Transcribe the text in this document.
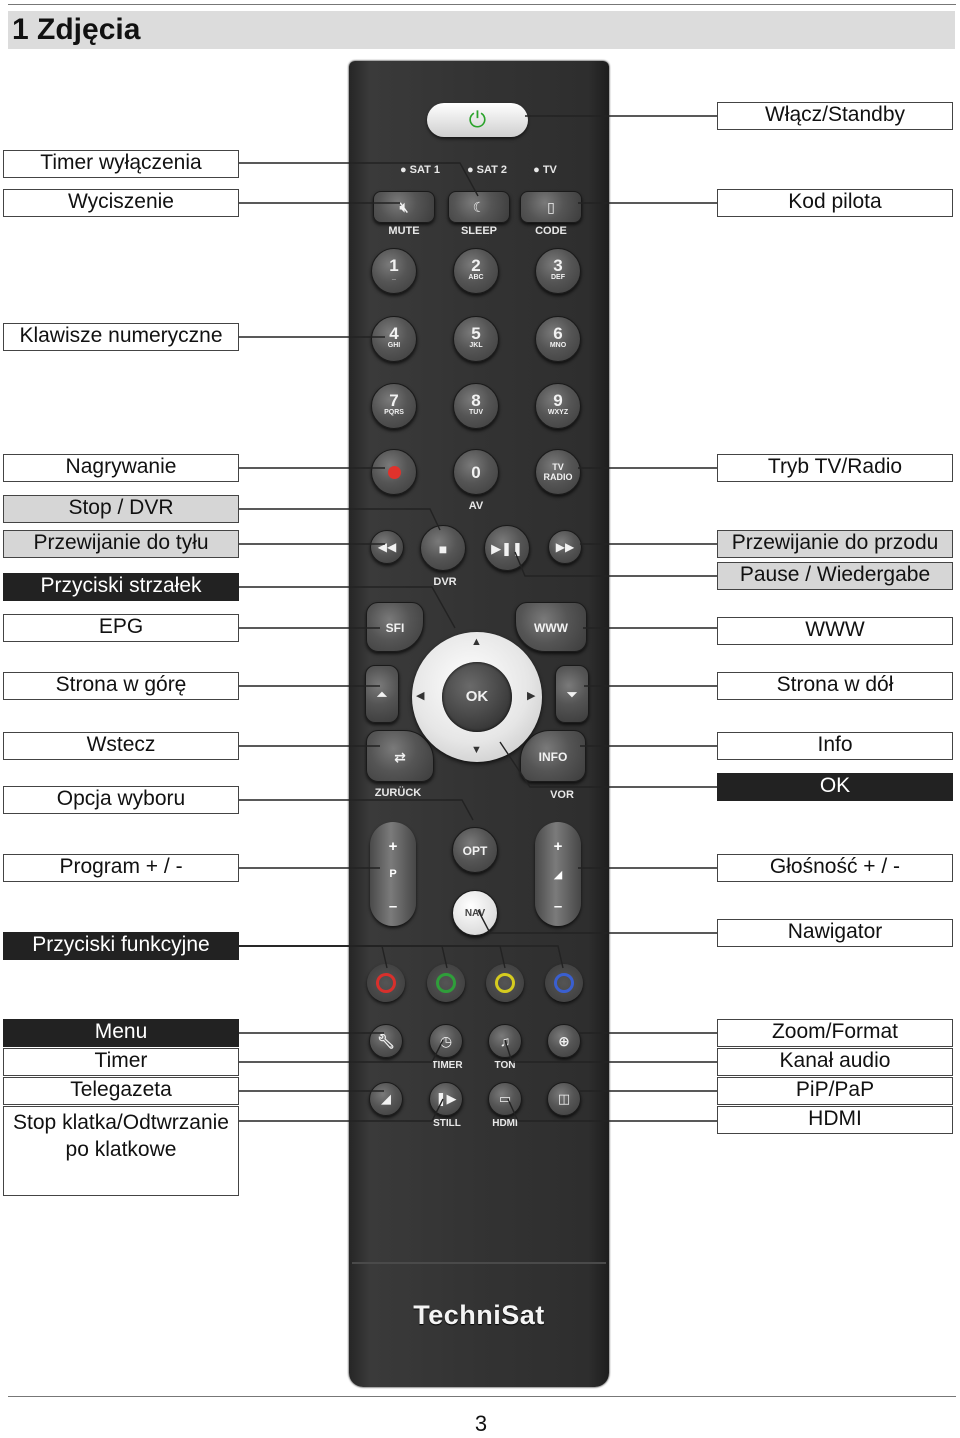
1 Zdjęcia
⏻
● SAT 1	● SAT 2	● TV
🔇︎	☾	▯
MUTE	SLEEP	CODE
1
_
2
ABC
3
DEF
4
GHI
5
JKL
6
MNO
7
PQRS
8
TUV
9
WXYZ
0	TV
RADIO
AV
◀◀	■	▶❚❚	▶▶
DVR
SFI	WWW
⏶	⏷
⇄	INFO
ZURÜCK	VOR
▲
▼
◀	▶
OK
+
P
–
+
◢
–
OPT
NAV
🔧︎	◷	♫	⊕
TIMER	TON
◢	❚▶	▭	◫
STILL	HDMI
TechniSat
Timer wyłączenia
Wyciszenie
Klawisze numeryczne
Nagrywanie
Stop / DVR
Przewijanie do tyłu
Przyciski strzałek
EPG
Strona w górę
Wstecz
Opcja wyboru
Program + / -
Przyciski funkcyjne
Menu
Timer
Telegazeta
Stop klatka/Odtwrzanie po klatkowe
Włącz/Standby
Kod pilota
Tryb TV/Radio
Przewijanie do przodu
Pause / Wiedergabe
WWW
Strona w dół
Info
OK
Głośność + / -
Nawigator
Zoom/Format
Kanał audio
PiP/PaP
HDMI
3
